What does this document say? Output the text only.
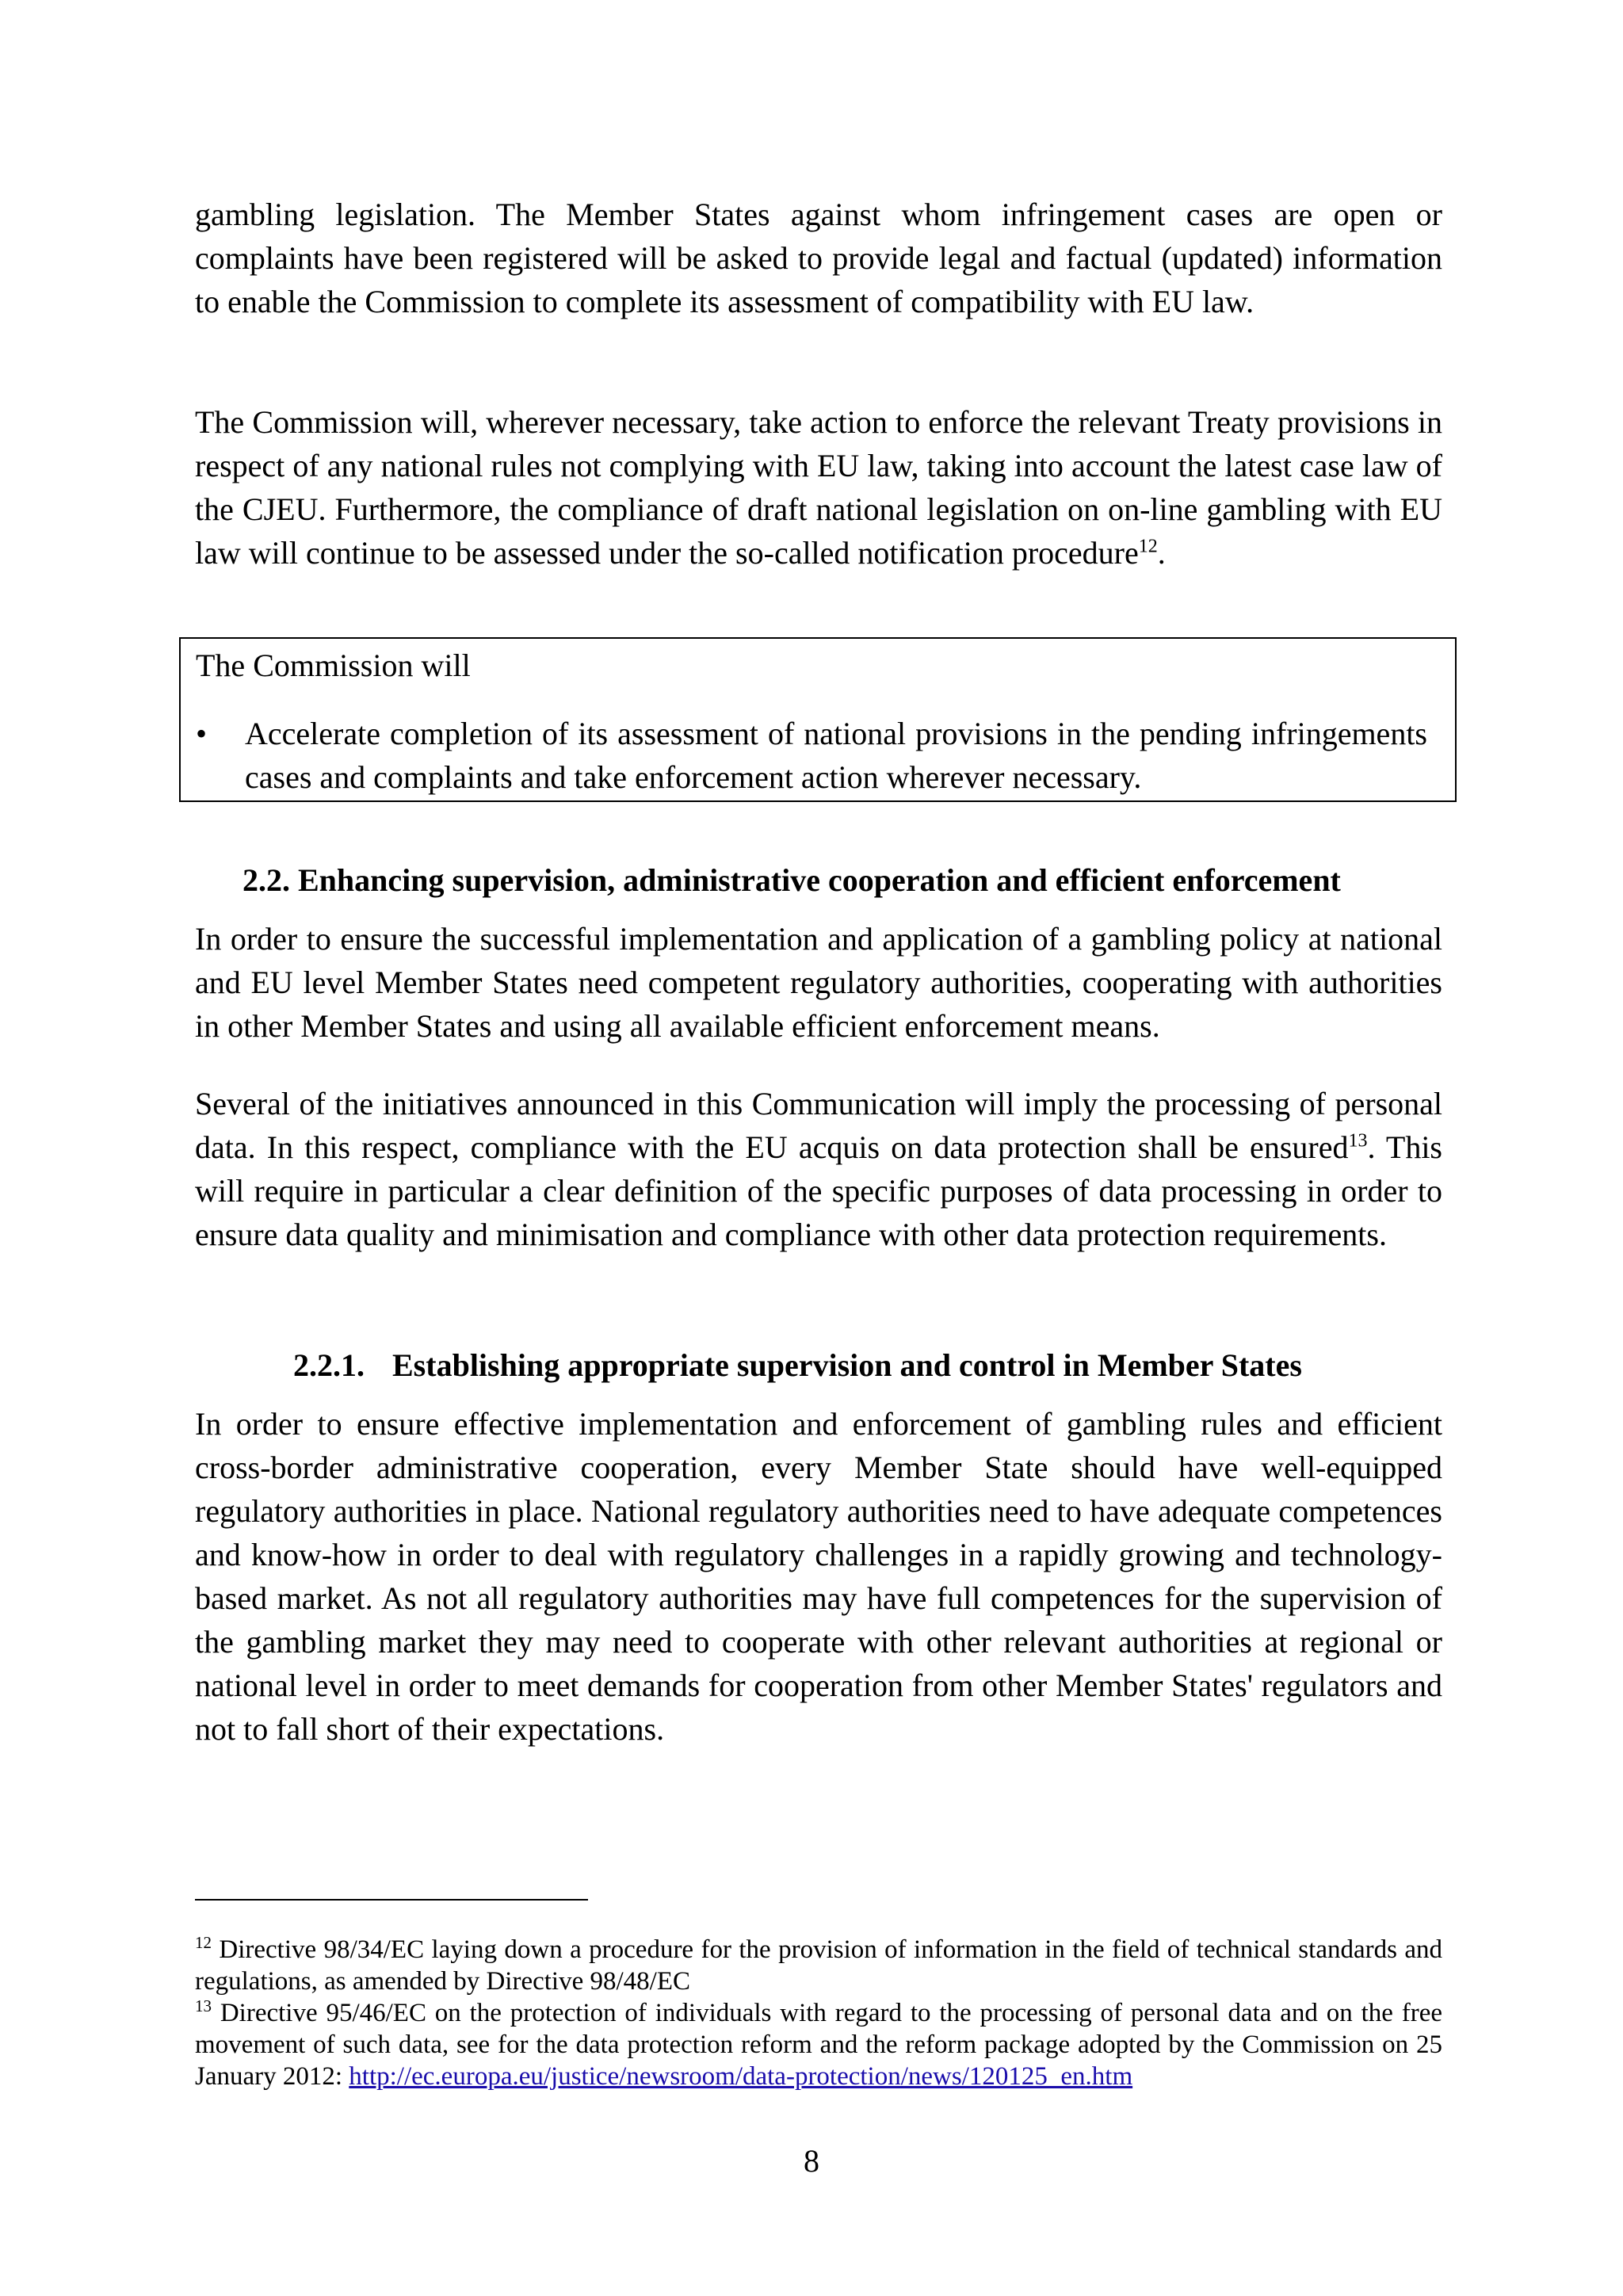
gambling legislation. The Member States against whom infringement cases are open or complaints have been registered will be asked to provide legal and factual (updated) information to enable the Commission to complete its assessment of compatibility with EU law.

The Commission will, wherever necessary, take action to enforce the relevant Treaty provisions in respect of any national rules not complying with EU law, taking into account the latest case law of the CJEU. Furthermore, the compliance of draft national legislation on on-line gambling with EU law will continue to be assessed under the so-called notification procedure$^{12}$.

The Commission will
• Accelerate completion of its assessment of national provisions in the pending infringements cases and complaints and take enforcement action wherever necessary.
2.2. Enhancing supervision, administrative cooperation and efficient enforcement

In order to ensure the successful implementation and application of a gambling policy at national and EU level Member States need competent regulatory authorities, cooperating with authorities in other Member States and using all available efficient enforcement means.

Several of the initiatives announced in this Communication will imply the processing of personal data. In this respect, compliance with the EU acquis on data protection shall be ensured$^{13}$. This will require in particular a clear definition of the specific purposes of data processing in order to ensure data quality and minimisation and compliance with other data protection requirements.

2.2.1. Establishing appropriate supervision and control in Member States

In order to ensure effective implementation and enforcement of gambling rules and efficient cross-border administrative cooperation, every Member State should have well-equipped regulatory authorities in place. National regulatory authorities need to have adequate competences and know-how in order to deal with regulatory challenges in a rapidly growing and technology-based market. As not all regulatory authorities may have full competences for the supervision of the gambling market they may need to cooperate with other relevant authorities at regional or national level in order to meet demands for cooperation from other Member States' regulators and not to fall short of their expectations.

$^{12}$ Directive 98/34/EC laying down a procedure for the provision of information in the field of technical standards and regulations, as amended by Directive 98/48/EC

$^{13}$ Directive 95/46/EC on the protection of individuals with regard to the processing of personal data and on the free movement of such data, see for the data protection reform and the reform package adopted by the Commission on 25 January 2012: http://ec.europa.eu/justice/newsroom/data-protection/news/120125_en.htm

8
